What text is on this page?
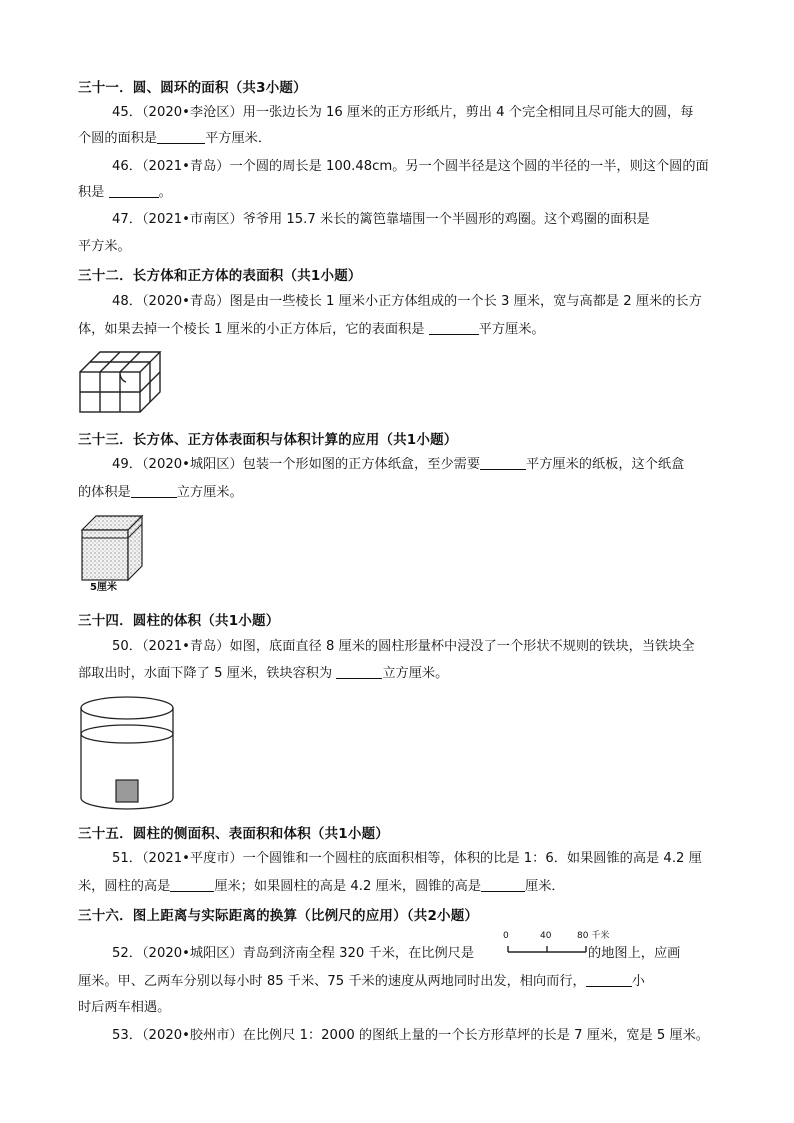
三十一．圆、圆环的面积（共3小题）
45．（2020•李沧区）用一张边长为 16 厘米的正方形纸片，剪出 4 个完全相同且尽可能大的圆，每
个圆的面积是	平方厘米．
46．（2021•青岛）一个圆的周长是 100.48cm。另一个圆半径是这个圆的半径的一半，则这个圆的面
积是	。
47．（2021•市南区）爷爷用 15.7 米长的篱笆靠墙围一个半圆形的鸡圈。这个鸡圈的面积是
平方米。
三十二．长方体和正方体的表面积（共1小题）
48．（2020•青岛）图是由一些棱长 1 厘米小正方体组成的一个长 3 厘米，宽与高都是 2 厘米的长方
体，如果去掉一个棱长 1 厘米的小正方体后，它的表面积是	平方厘米。
三十三．长方体、正方体表面积与体积计算的应用（共1小题）
49．（2020•城阳区）包装一个形如图的正方体纸盒，至少需要	平方厘米的纸板，这个纸盒
的体积是	立方厘米。
5厘米
三十四．圆柱的体积（共1小题）
50．（2021•青岛）如图，底面直径 8 厘米的圆柱形量杯中浸没了一个形状不规则的铁块，当铁块全
部取出时，水面下降了 5 厘米，铁块容积为	立方厘米。
三十五．圆柱的侧面积、表面积和体积（共1小题）
51．（2021•平度市）一个圆锥和一个圆柱的底面积相等，体积的比是 1：6．如果圆锥的高是 4.2 厘
米，圆柱的高是	厘米；如果圆柱的高是 4.2 厘米，圆锥的高是	厘米．
三十六．图上距离与实际距离的换算（比例尺的应用）（共2小题）
52．（2020•城阳区）青岛到济南全程 320 千米，在比例尺是	的地图上，应画
0	40	80 千米
厘米。甲、乙两车分别以每小时 85 千米、75 千米的速度从两地同时出发，相向而行，	小
时后两车相遇。
53．（2020•胶州市）在比例尺 1：2000 的图纸上量的一个长方形草坪的长是 7 厘米，宽是 5 厘米。
